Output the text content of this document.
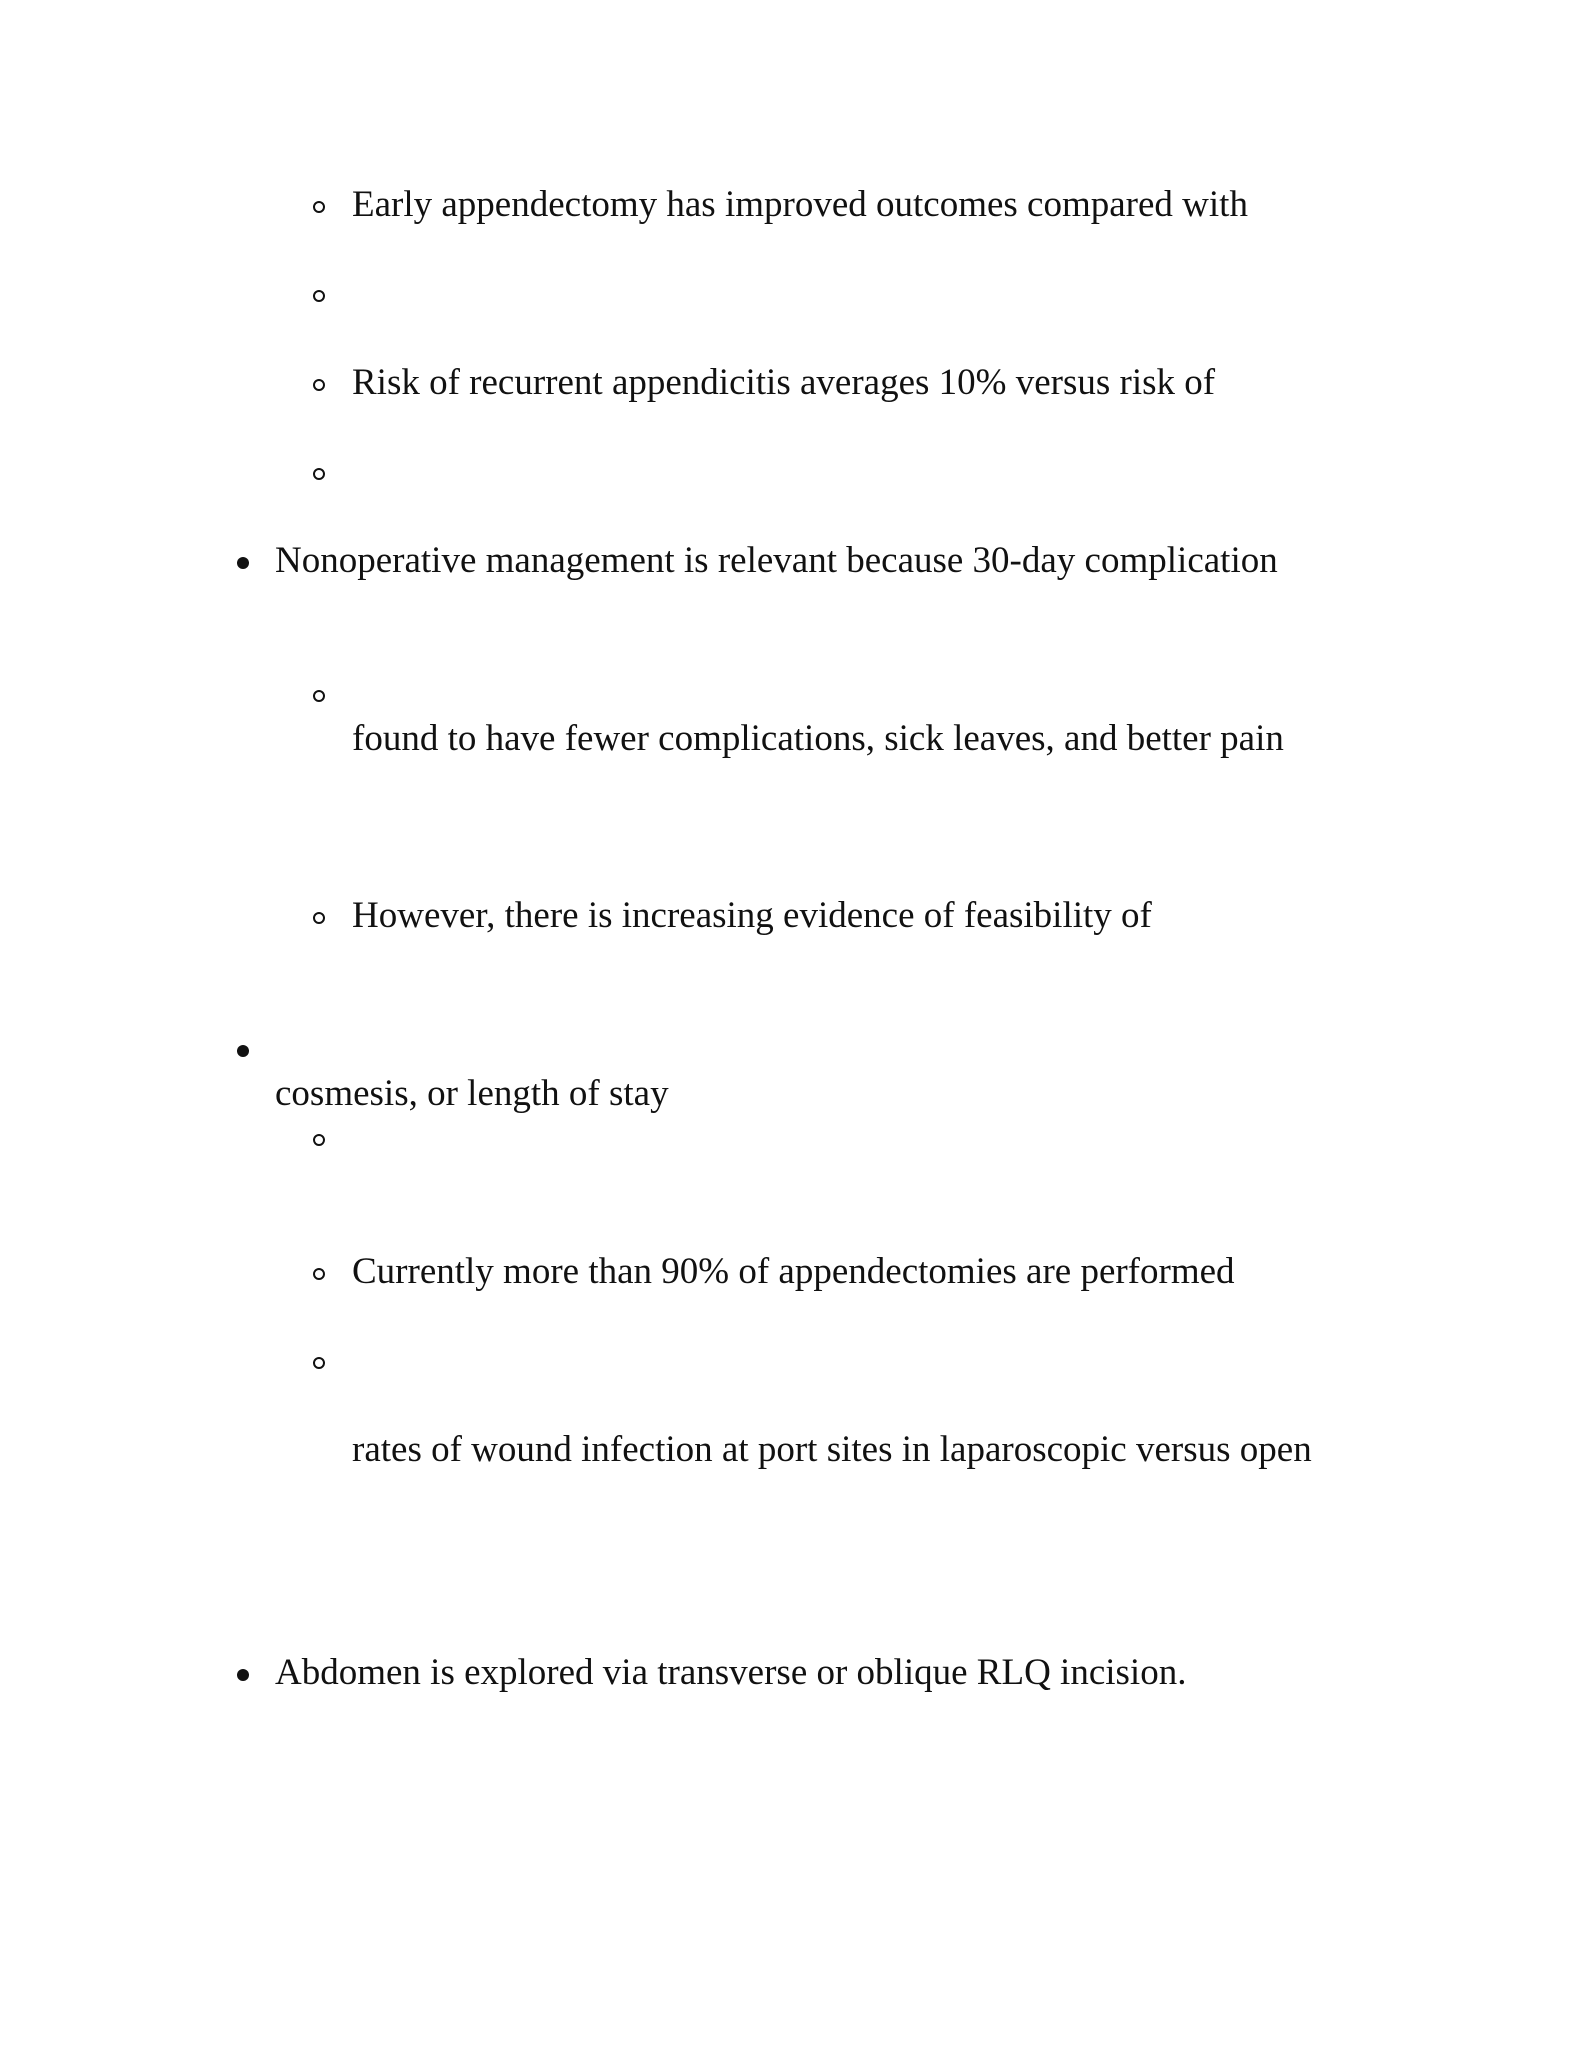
Early appendectomy has improved outcomes compared with
Risk of recurrent appendicitis averages 10% versus risk of
Nonoperative management is relevant because 30-day complication
found to have fewer complications, sick leaves, and better pain
However, there is increasing evidence of feasibility of
cosmesis, or length of stay
Currently more than 90% of appendectomies are performed
rates of wound infection at port sites in laparoscopic versus open
Abdomen is explored via transverse or oblique RLQ incision.
